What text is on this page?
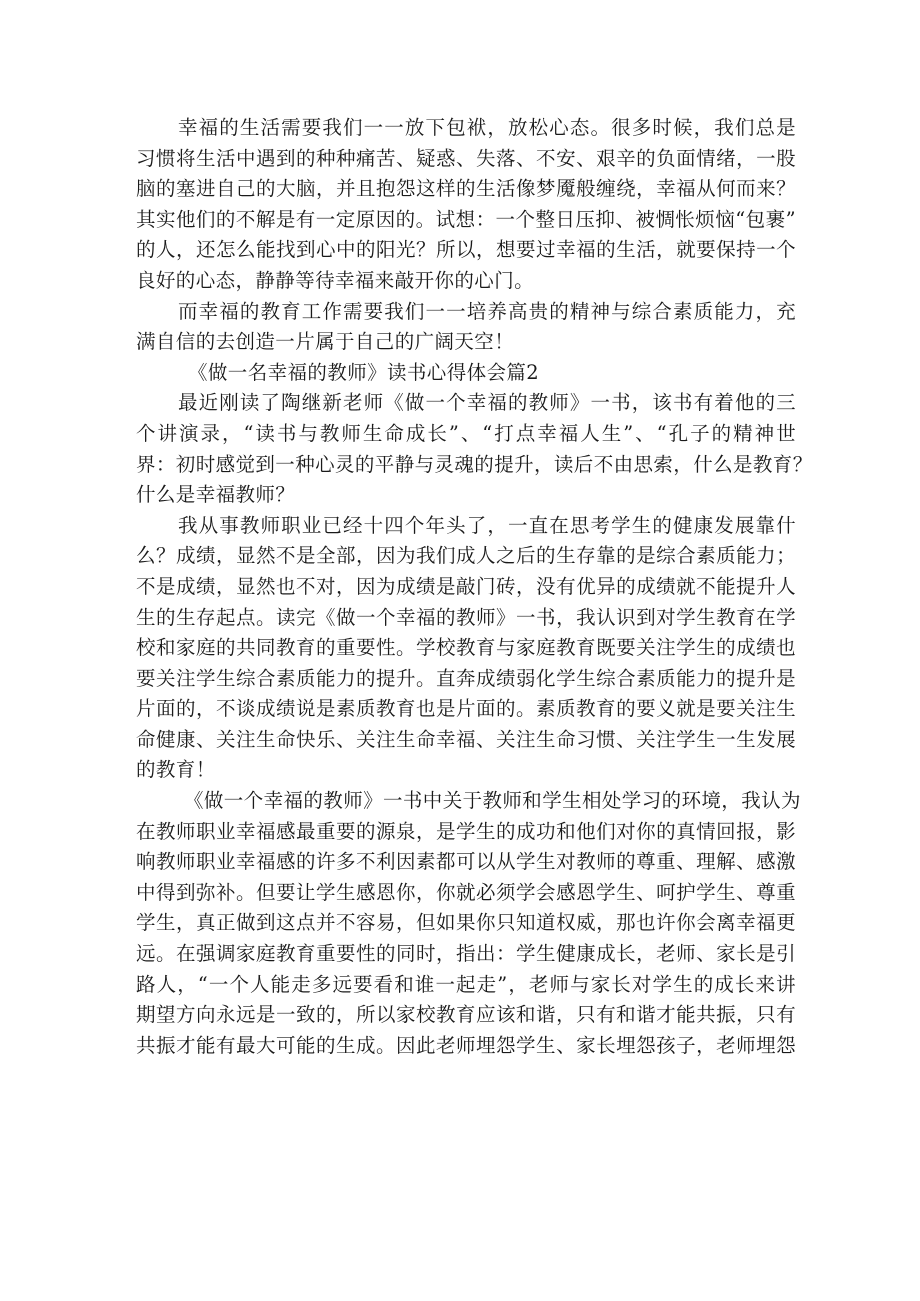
幸福的生活需要我们一一放下包袱，放松心态。很多时候，我们总是
习惯将生活中遇到的种种痛苦、疑惑、失落、不安、艰辛的负面情绪，一股
脑的塞进自己的大脑，并且抱怨这样的生活像梦魇般缠绕，幸福从何而来？
其实他们的不解是有一定原因的。试想：一个整日压抑、被惆怅烦恼“包裹”
的人，还怎么能找到心中的阳光？所以，想要过幸福的生活，就要保持一个
良好的心态，静静等待幸福来敲开你的心门。
而幸福的教育工作需要我们一一培养高贵的精神与综合素质能力，充
满自信的去创造一片属于自己的广阔天空！
《做一名幸福的教师》读书心得体会篇2
最近刚读了陶继新老师《做一个幸福的教师》一书，该书有着他的三
个讲演录，“读书与教师生命成长”、“打点幸福人生”、“孔子的精神世
界：初时感觉到一种心灵的平静与灵魂的提升，读后不由思索，什么是教育？
什么是幸福教师？
我从事教师职业已经十四个年头了，一直在思考学生的健康发展靠什
么？成绩，显然不是全部，因为我们成人之后的生存靠的是综合素质能力；
不是成绩，显然也不对，因为成绩是敲门砖，没有优异的成绩就不能提升人
生的生存起点。读完《做一个幸福的教师》一书，我认识到对学生教育在学
校和家庭的共同教育的重要性。学校教育与家庭教育既要关注学生的成绩也
要关注学生综合素质能力的提升。直奔成绩弱化学生综合素质能力的提升是
片面的，不谈成绩说是素质教育也是片面的。素质教育的要义就是要关注生
命健康、关注生命快乐、关注生命幸福、关注生命习惯、关注学生一生发展
的教育！
《做一个幸福的教师》一书中关于教师和学生相处学习的环境，我认为
在教师职业幸福感最重要的源泉，是学生的成功和他们对你的真情回报，影
响教师职业幸福感的许多不利因素都可以从学生对教师的尊重、理解、感激
中得到弥补。但要让学生感恩你，你就必须学会感恩学生、呵护学生、尊重
学生，真正做到这点并不容易，但如果你只知道权威，那也许你会离幸福更
远。在强调家庭教育重要性的同时，指出：学生健康成长，老师、家长是引
路人，“一个人能走多远要看和谁一起走”，老师与家长对学生的成长来讲
期望方向永远是一致的，所以家校教育应该和谐，只有和谐才能共振，只有
共振才能有最大可能的生成。因此老师埋怨学生、家长埋怨孩子，老师埋怨
